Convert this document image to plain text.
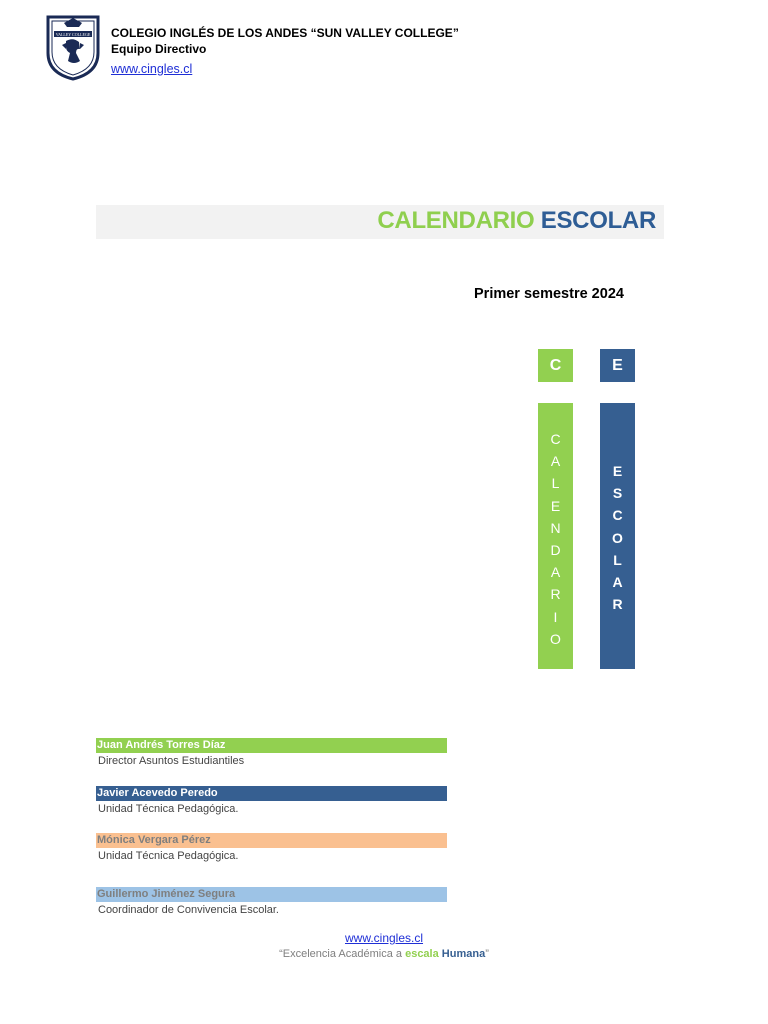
VALLEY COLLEGE COLEGIO INGLÉS DE LOS ANDES “SUN VALLEY COLLEGE”
Equipo Directivo
www.cingles.cl
CALENDARIO ESCOLAR
Primer semestre 2024
C	E
C
A
L
E
N
D
A
R
I
O
E
S
C
O
L
A
R
Juan Andrés Torres Díaz
Director Asuntos Estudiantiles
Javier Acevedo Peredo
Unidad Técnica Pedagógica.
Mónica Vergara Pérez
Unidad Técnica Pedagógica.
Guillermo Jiménez Segura
Coordinador de Convivencia Escolar.
www.cingles.cl
“Excelencia Académica a escala Humana”
